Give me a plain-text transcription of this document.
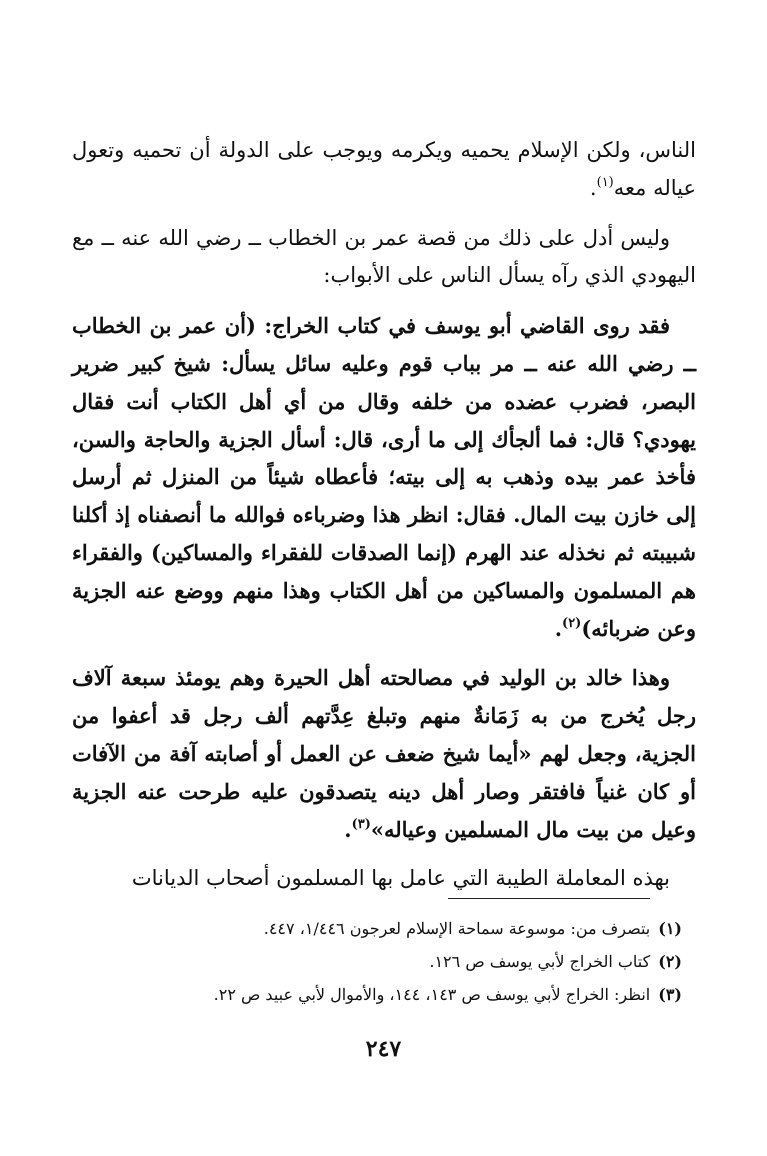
الناس، ولكن الإسلام يحميه ويكرمه ويوجب على الدولة أن تحميه وتعول عياله معه$^{(١)}$.

وليس أدل على ذلك من قصة عمر بن الخطاب ــ رضي الله عنه ــ مع اليهودي الذي رآه يسأل الناس على الأبواب:

فقد روى القاضي أبو يوسف في كتاب الخراج: (أن عمر بن الخطاب ــ رضي الله عنه ــ مر بباب قوم وعليه سائل يسأل: شيخ كبير ضرير البصر، فضرب عضده من خلفه وقال من أي أهل الكتاب أنت فقال يهودي؟ قال: فما ألجأك إلى ما أرى، قال: أسأل الجزية والحاجة والسن، فأخذ عمر بيده وذهب به إلى بيته؛ فأعطاه شيئاً من المنزل ثم أرسل إلى خازن بيت المال. فقال: انظر هذا وضرباءه فوالله ما أنصفناه إذ أكلنا شبيبته ثم نخذله عند الهرم (إنما الصدقات للفقراء والمساكين) والفقراء هم المسلمون والمساكين من أهل الكتاب وهذا منهم ووضع عنه الجزية وعن ضربائه)$^{(٢)}$.

وهذا خالد بن الوليد في مصالحته أهل الحيرة وهم يومئذ سبعة آلاف رجل يُخرج من به زَمَانةٌ منهم وتبلغ عِدَّتهم ألف رجل قد أعفوا من الجزية، وجعل لهم «أيما شيخ ضعف عن العمل أو أصابته آفة من الآفات أو كان غنياً فافتقر وصار أهل دينه يتصدقون عليه طرحت عنه الجزية وعيل من بيت مال المسلمين وعياله»$^{(٣)}$.

بهذه المعاملة الطيبة التي عامل بها المسلمون أصحاب الديانات

(١)بتصرف من: موسوعة سماحة الإسلام لعرجون ١/٤٤٦، ٤٤٧.

(٢)كتاب الخراج لأبي يوسف ص ١٢٦.

(٣)انظر: الخراج لأبي يوسف ص ١٤٣، ١٤٤، والأموال لأبي عبيد ص ٢٢.

٢٤٧
